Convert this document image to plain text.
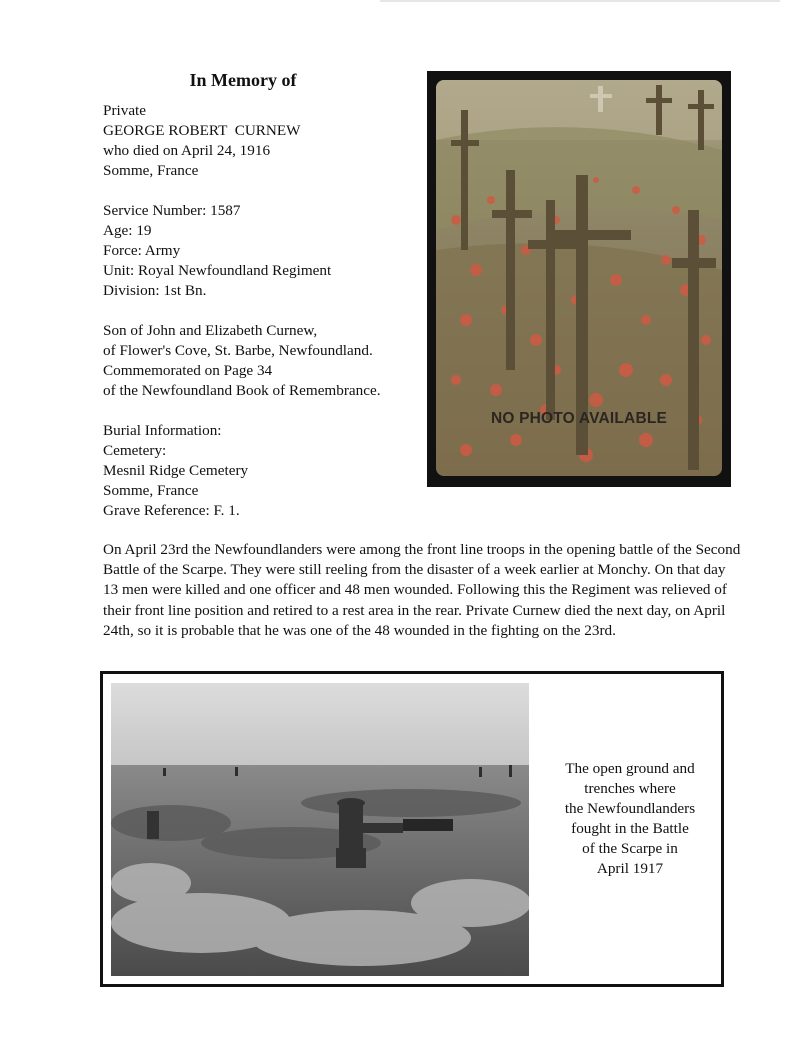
In Memory of
Private
GEORGE ROBERT  CURNEW
who died on April 24, 1916
Somme, France
Service Number: 1587
Age: 19
Force: Army
Unit: Royal Newfoundland Regiment
Division: 1st Bn.
Son of John and Elizabeth Curnew,
of Flower's Cove, St. Barbe, Newfoundland.
Commemorated on Page 34
of the Newfoundland Book of Remembrance.
Burial Information:
Cemetery:
Mesnil Ridge Cemetery
Somme, France
Grave Reference: F. 1.
NO PHOTO AVAILABLE

On April 23rd the Newfoundlanders were among the front line troops in the opening battle of the Second Battle of the Scarpe. They were still reeling from the disaster of a week earlier at Monchy. On that day 13 men were killed and one officer and 48 men wounded. Following this the Regiment was relieved of their front line position and retired to a rest area in the rear. Private Curnew died the next day, on April 24th, so it is probable that he was one of the 48 wounded in the fighting on the 23rd.

The open ground and
trenches where
the Newfoundlanders
fought in the Battle
of the Scarpe in
April 1917
